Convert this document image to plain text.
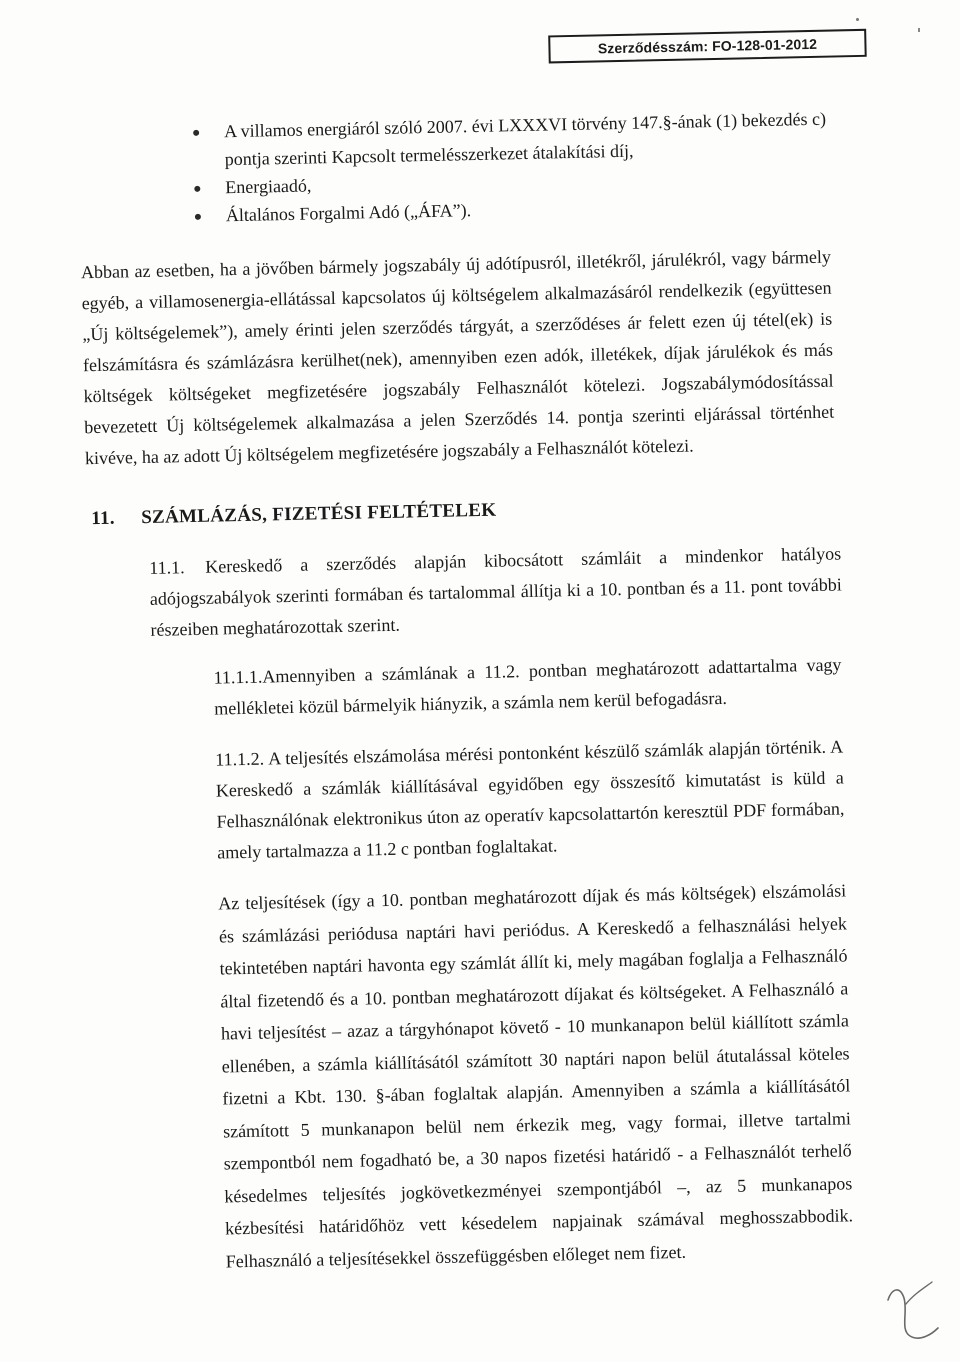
Szerződésszám: FO-128-01-2012
A villamos energiáról szóló 2007. évi LXXXVI törvény 147.§-ának (1) bekezdés c) pontja szerinti Kapcsolt termelésszerkezet átalakítási díj,
Energiaadó,
Általános Forgalmi Adó („ÁFA”).
Abban az esetben, ha a jövőben bármely jogszabály új adótípusról, illetékről, járulékról, vagy bármely egyéb, a villamosenergia-ellátással kapcsolatos új költségelem alkalmazásáról rendelkezik (együttesen „Új költségelemek”), amely érinti jelen szerződés tárgyát, a szerződéses ár felett ezen új tétel(ek) is felszámításra és számlázásra kerülhet(nek), amennyiben ezen adók, illetékek, díjak járulékok és más költségek költségeket megfizetésére jogszabály Felhasználót kötelezi. Jogszabálymódosítással bevezetett Új költségelemek alkalmazása a jelen Szerződés 14. pontja szerinti eljárással történhet kivéve, ha az adott Új költségelem megfizetésére jogszabály a Felhasználót kötelezi.
11. SZÁMLÁZÁS, FIZETÉSI FELTÉTELEK
11.1. Kereskedő a szerződés alapján kibocsátott számláit a mindenkor hatályos adójogszabályok szerinti formában és tartalommal állítja ki a 10. pontban és a 11. pont további részeiben meghatározottak szerint.
11.1.1.Amennyiben a számlának a 11.2. pontban meghatározott adattartalma vagy mellékletei közül bármelyik hiányzik, a számla nem kerül befogadásra.
11.1.2. A teljesítés elszámolása mérési pontonként készülő számlák alapján történik. A Kereskedő a számlák kiállításával egyidőben egy összesítő kimutatást is küld a Felhasználónak elektronikus úton az operatív kapcsolattartón keresztül PDF formában, amely tartalmazza a 11.2 c pontban foglaltakat.
Az teljesítések (így a 10. pontban meghatározott díjak és más költségek) elszámolási és számlázási periódusa naptári havi periódus. A Kereskedő a felhasználási helyek tekintetében naptári havonta egy számlát állít ki, mely magában foglalja a Felhasználó által fizetendő és a 10. pontban meghatározott díjakat és költségeket. A Felhasználó a havi teljesítést – azaz a tárgyhónapot követő - 10 munkanapon belül kiállított számla ellenében, a számla kiállításától számított 30 naptári napon belül átutalással köteles fizetni a Kbt. 130. §-ában foglaltak alapján. Amennyiben a számla a kiállításától számított 5 munkanapon belül nem érkezik meg, vagy formai, illetve tartalmi szempontból nem fogadható be, a 30 napos fizetési határidő - a Felhasználót terhelő késedelmes teljesítés jogkövetkezményei szempontjából –, az 5 munkanapos kézbesítési határidőhöz vett késedelem napjainak számával meghosszabbodik. Felhasználó a teljesítésekkel összefüggésben előleget nem fizet.
